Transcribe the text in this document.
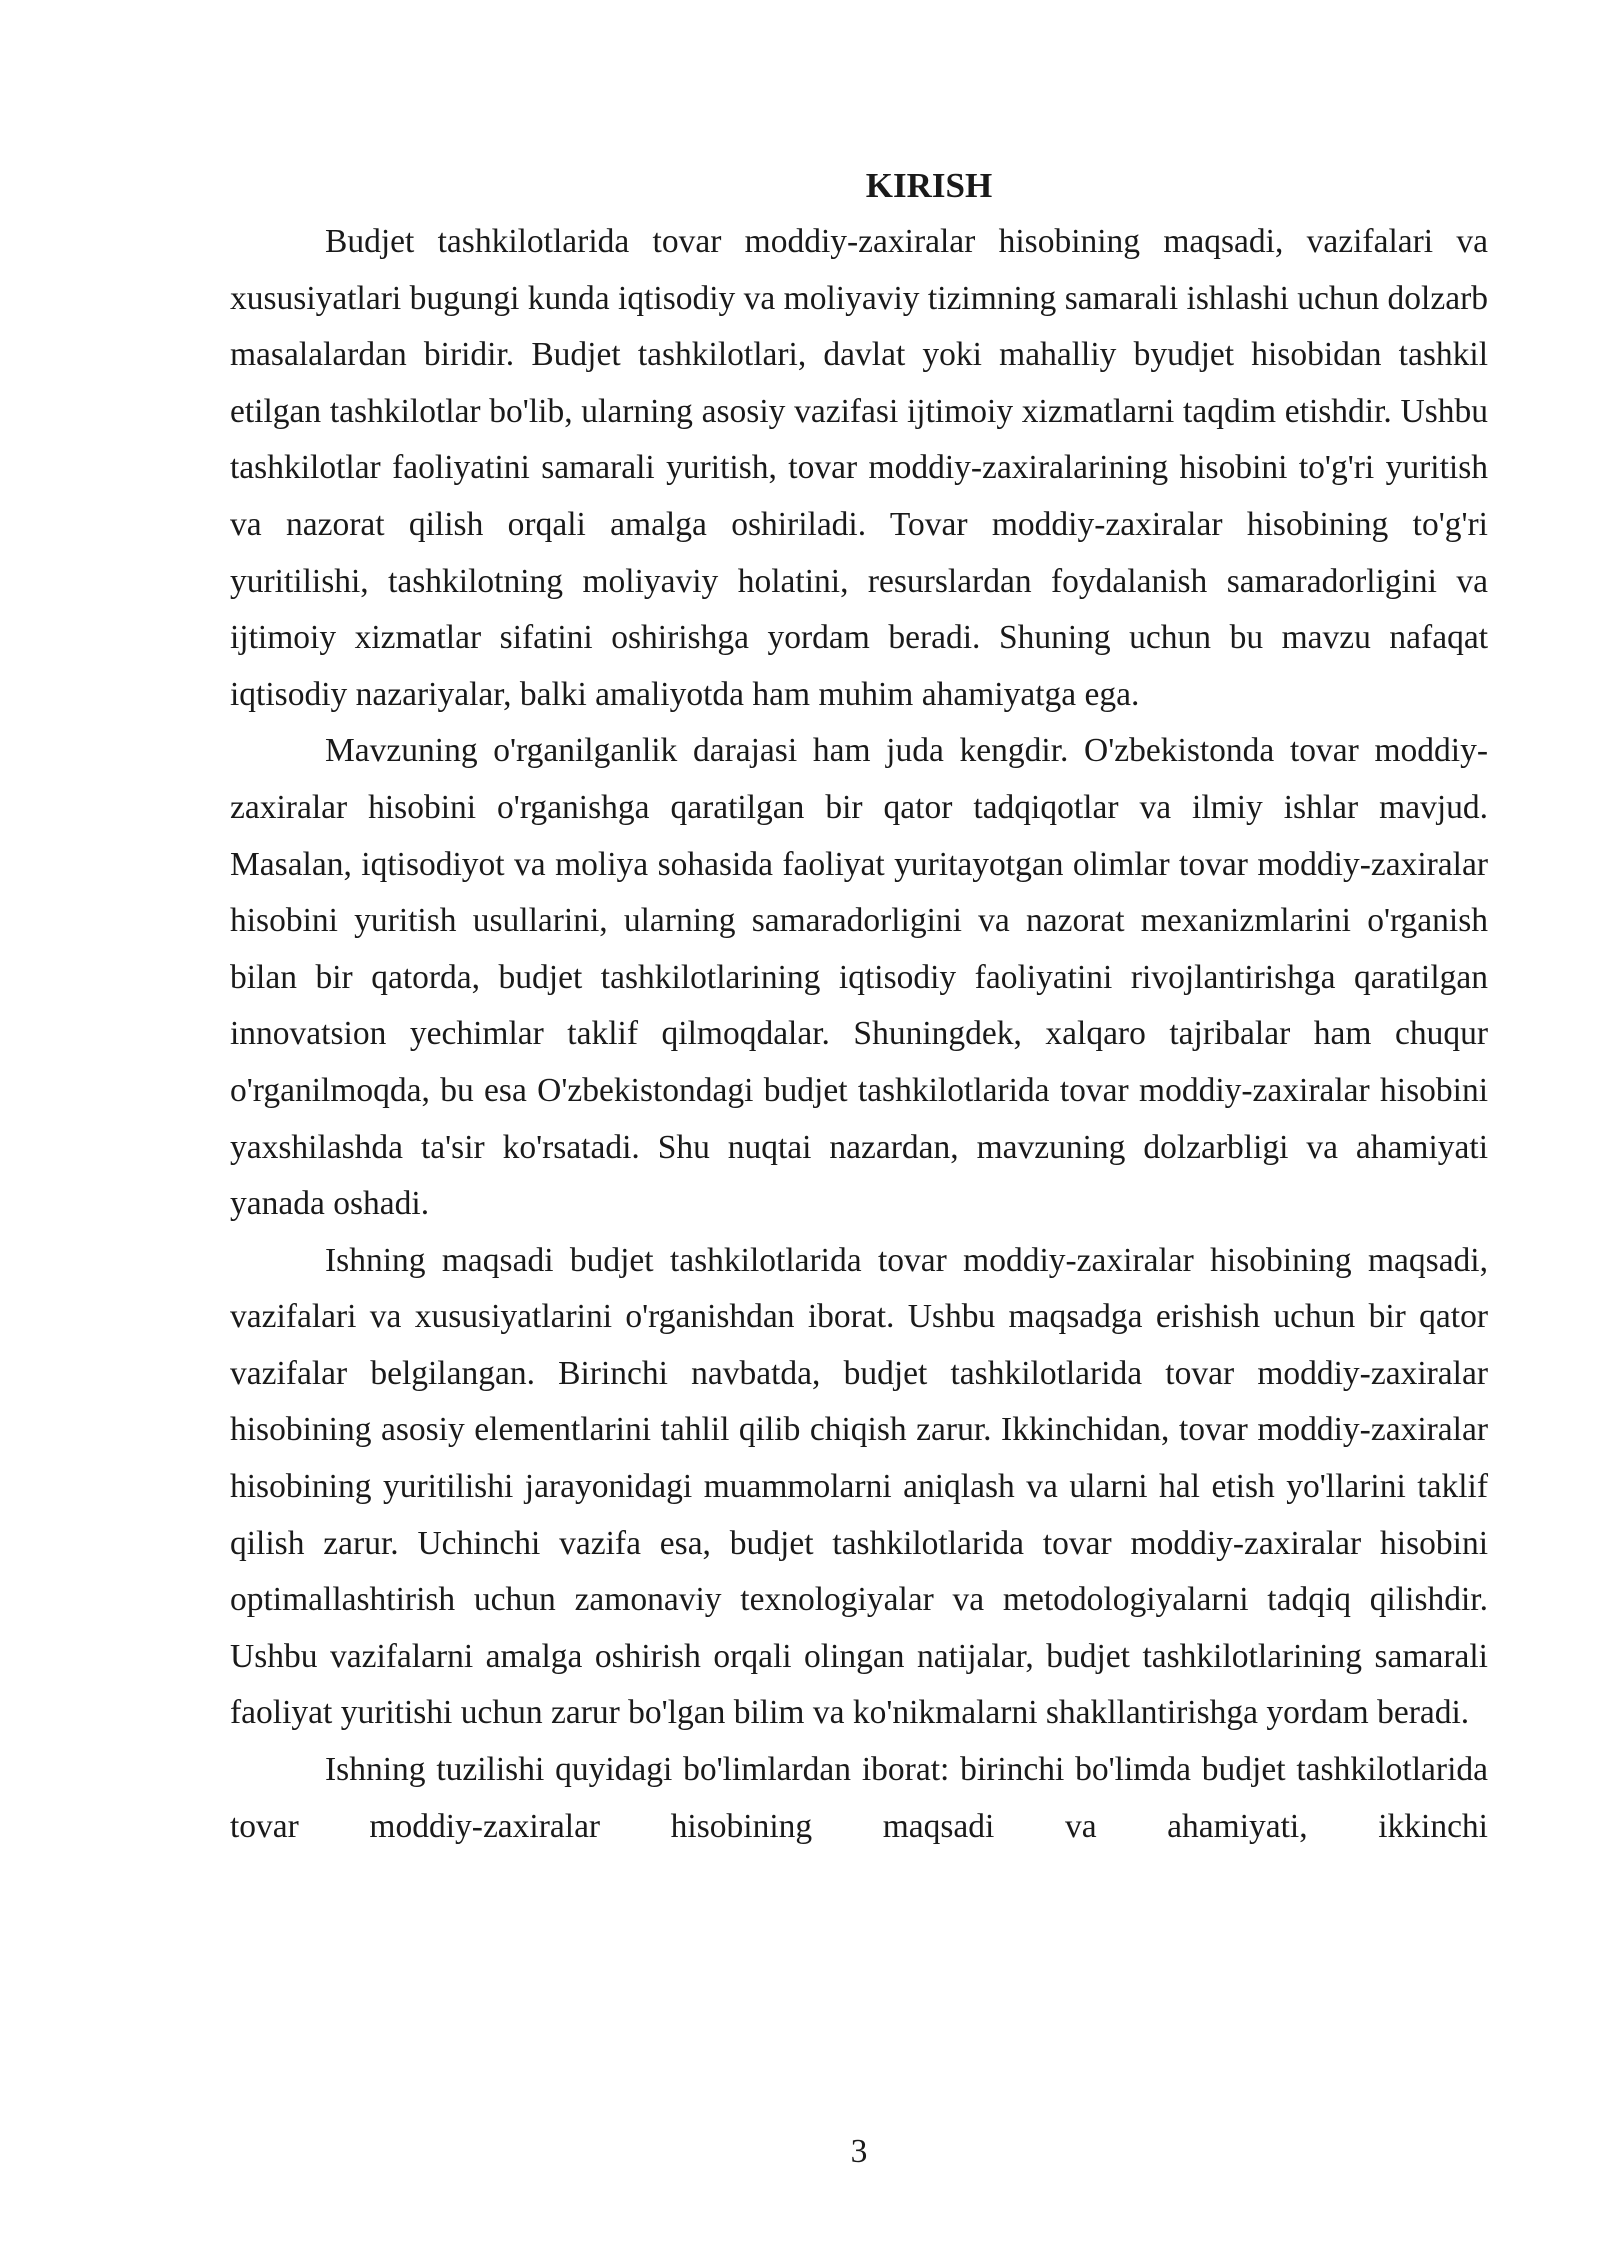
KIRISH

Budjet tashkilotlarida tovar moddiy-zaxiralar hisobining maqsadi, vazifalari va xususiyatlari bugungi kunda iqtisodiy va moliyaviy tizimning samarali ishlashi uchun dolzarb masalalardan biridir. Budjet tashkilotlari, davlat yoki mahalliy byudjet hisobidan tashkil etilgan tashkilotlar bo'lib, ularning asosiy vazifasi ijtimoiy xizmatlarni taqdim etishdir. Ushbu tashkilotlar faoliyatini samarali yuritish, tovar moddiy-zaxiralarining hisobini to'g'ri yuritish va nazorat qilish orqali amalga oshiriladi. Tovar moddiy-zaxiralar hisobining to'g'ri yuritilishi, tashkilotning moliyaviy holatini, resurslardan foydalanish samaradorligini va ijtimoiy xizmatlar sifatini oshirishga yordam beradi. Shuning uchun bu mavzu nafaqat iqtisodiy nazariyalar, balki amaliyotda ham muhim ahamiyatga ega.

Mavzuning o'rganilganlik darajasi ham juda kengdir. O'zbekistonda tovar moddiy-zaxiralar hisobini o'rganishga qaratilgan bir qator tadqiqotlar va ilmiy ishlar mavjud. Masalan, iqtisodiyot va moliya sohasida faoliyat yuritayotgan olimlar tovar moddiy-zaxiralar hisobini yuritish usullarini, ularning samaradorligini va nazorat mexanizmlarini o'rganish bilan bir qatorda, budjet tashkilotlarining iqtisodiy faoliyatini rivojlantirishga qaratilgan innovatsion yechimlar taklif qilmoqdalar. Shuningdek, xalqaro tajribalar ham chuqur o'rganilmoqda, bu esa O'zbekistondagi budjet tashkilotlarida tovar moddiy-zaxiralar hisobini yaxshilashda ta'sir ko'rsatadi. Shu nuqtai nazardan, mavzuning dolzarbligi va ahamiyati yanada oshadi.

Ishning maqsadi budjet tashkilotlarida tovar moddiy-zaxiralar hisobining maqsadi, vazifalari va xususiyatlarini o'rganishdan iborat. Ushbu maqsadga erishish uchun bir qator vazifalar belgilangan. Birinchi navbatda, budjet tashkilotlarida tovar moddiy-zaxiralar hisobining asosiy elementlarini tahlil qilib chiqish zarur. Ikkinchidan, tovar moddiy-zaxiralar hisobining yuritilishi jarayonidagi muammolarni aniqlash va ularni hal etish yo'llarini taklif qilish zarur. Uchinchi vazifa esa, budjet tashkilotlarida tovar moddiy-zaxiralar hisobini optimallashtirish uchun zamonaviy texnologiyalar va metodologiyalarni tadqiq qilishdir. Ushbu vazifalarni amalga oshirish orqali olingan natijalar, budjet tashkilotlarining samarali faoliyat yuritishi uchun zarur bo'lgan bilim va ko'nikmalarni shakllantirishga yordam beradi.

Ishning tuzilishi quyidagi bo'limlardan iborat: birinchi bo'limda budjet tashkilotlarida tovar moddiy-zaxiralar hisobining maqsadi va ahamiyati, ikkinchi

3
